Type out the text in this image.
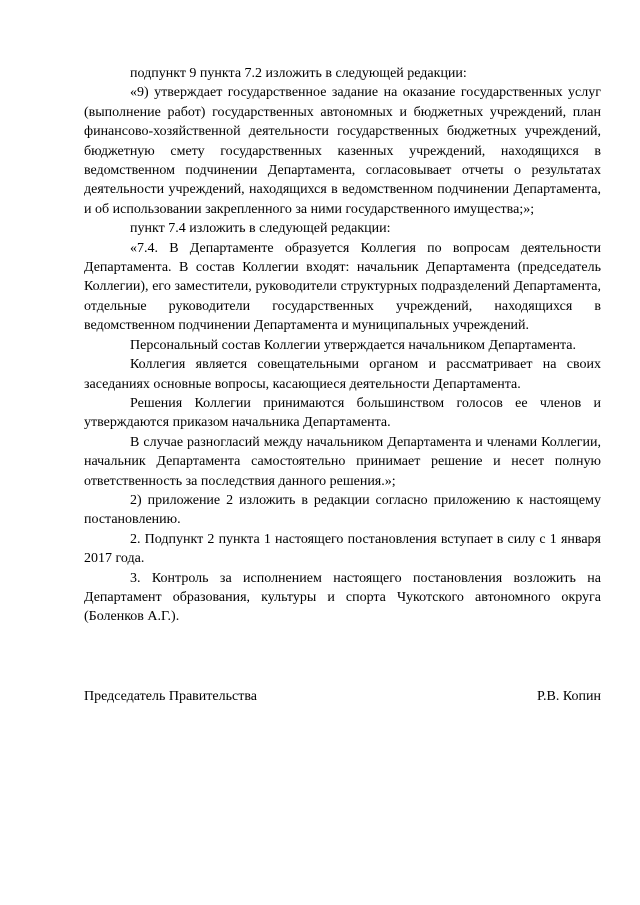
подпункт 9 пункта 7.2 изложить в следующей редакции:

«9) утверждает государственное задание на оказание государственных услуг (выполнение работ) государственных автономных и бюджетных учреждений, план финансово-хозяйственной деятельности государственных бюджетных учреждений, бюджетную смету государственных казенных учреждений, находящихся в ведомственном подчинении Департамента, согласовывает отчеты о результатах деятельности учреждений, находящихся в ведомственном подчинении Департамента, и об использовании закрепленного за ними государственного имущества;»;

пункт 7.4 изложить в следующей редакции:

«7.4. В Департаменте образуется Коллегия по вопросам деятельности Департамента. В состав Коллегии входят: начальник Департамента (председатель Коллегии), его заместители, руководители структурных подразделений Департамента, отдельные руководители государственных учреждений, находящихся в ведомственном подчинении Департамента и муниципальных учреждений.

Персональный состав Коллегии утверждается начальником Департамента.

Коллегия является совещательными органом и рассматривает на своих заседаниях основные вопросы, касающиеся деятельности Департамента.

Решения Коллегии принимаются большинством голосов ее членов и утверждаются приказом начальника Департамента.

В случае разногласий между начальником Департамента и членами Коллегии, начальник Департамента самостоятельно принимает решение и несет полную ответственность за последствия данного решения.»;

2) приложение 2 изложить в редакции согласно приложению к настоящему постановлению.

2. Подпункт 2 пункта 1 настоящего постановления вступает в силу с 1 января 2017 года.

3. Контроль за исполнением настоящего постановления возложить на Департамент образования, культуры и спорта Чукотского автономного округа (Боленков А.Г.).

Председатель Правительства	Р.В. Копин
